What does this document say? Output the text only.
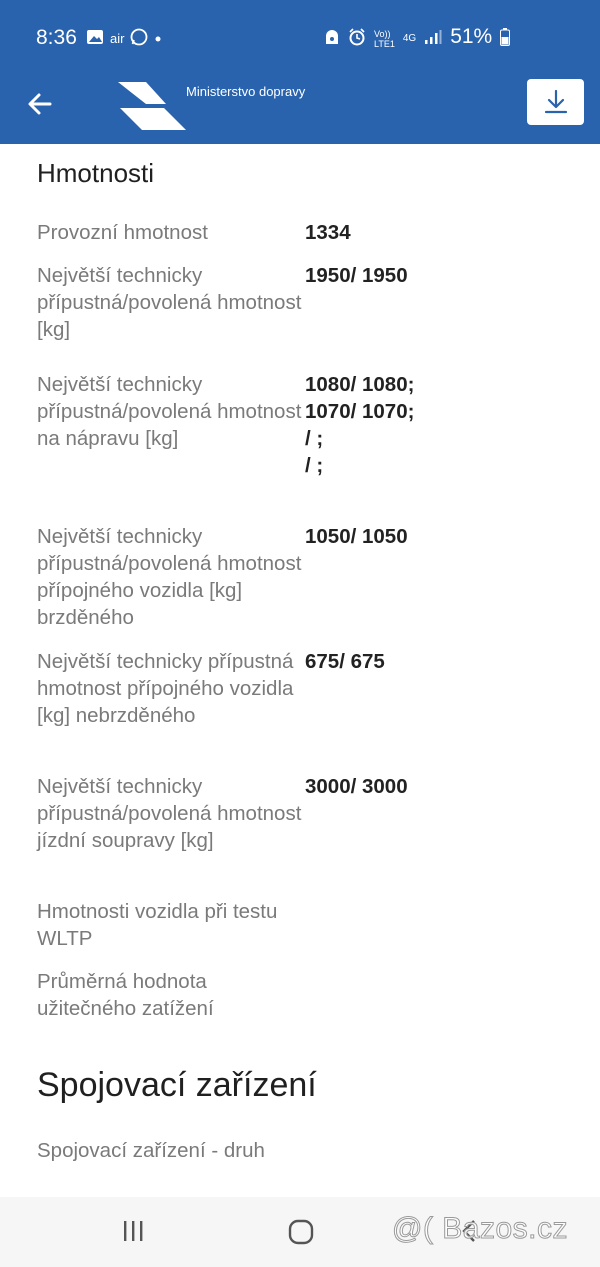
8:36	air	Vo))
LTE1 4G 51%
Ministerstvo dopravy
Hmotnosti
Provozní hmotnost	1334
Největší technicky přípustná/povolená hmotnost [kg]
1950/ 1950
Největší technicky přípustná/povolená hmotnost na nápravu [kg]
1080/ 1080;
1070/ 1070;
/ ;
/ ;
Největší technicky přípustná/povolená hmotnost přípojného vozidla [kg] brzděného
1050/ 1050
Největší technicky přípustná hmotnost přípojného vozidla [kg] nebrzděného
675/ 675
Největší technicky přípustná/povolená hmotnost jízdní soupravy [kg]
3000/ 3000
Hmotnosti vozidla při testu WLTP
Průměrná hodnota užitečného zatížení
Spojovací zařízení
Spojovací zařízení - druh
@( Bazos.cz
